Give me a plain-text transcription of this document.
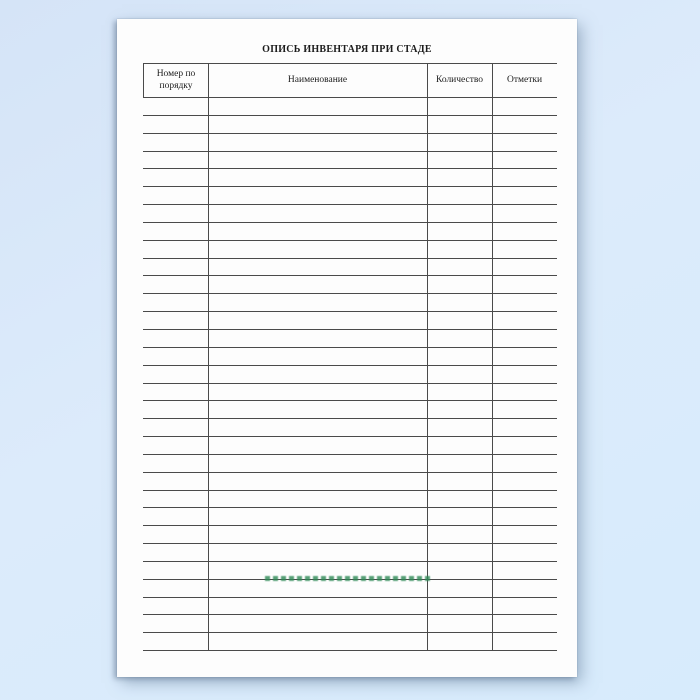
ОПИСЬ ИНВЕНТАРЯ ПРИ СТАДЕ
Номер по порядку
Наименование	Количество	Отметки
